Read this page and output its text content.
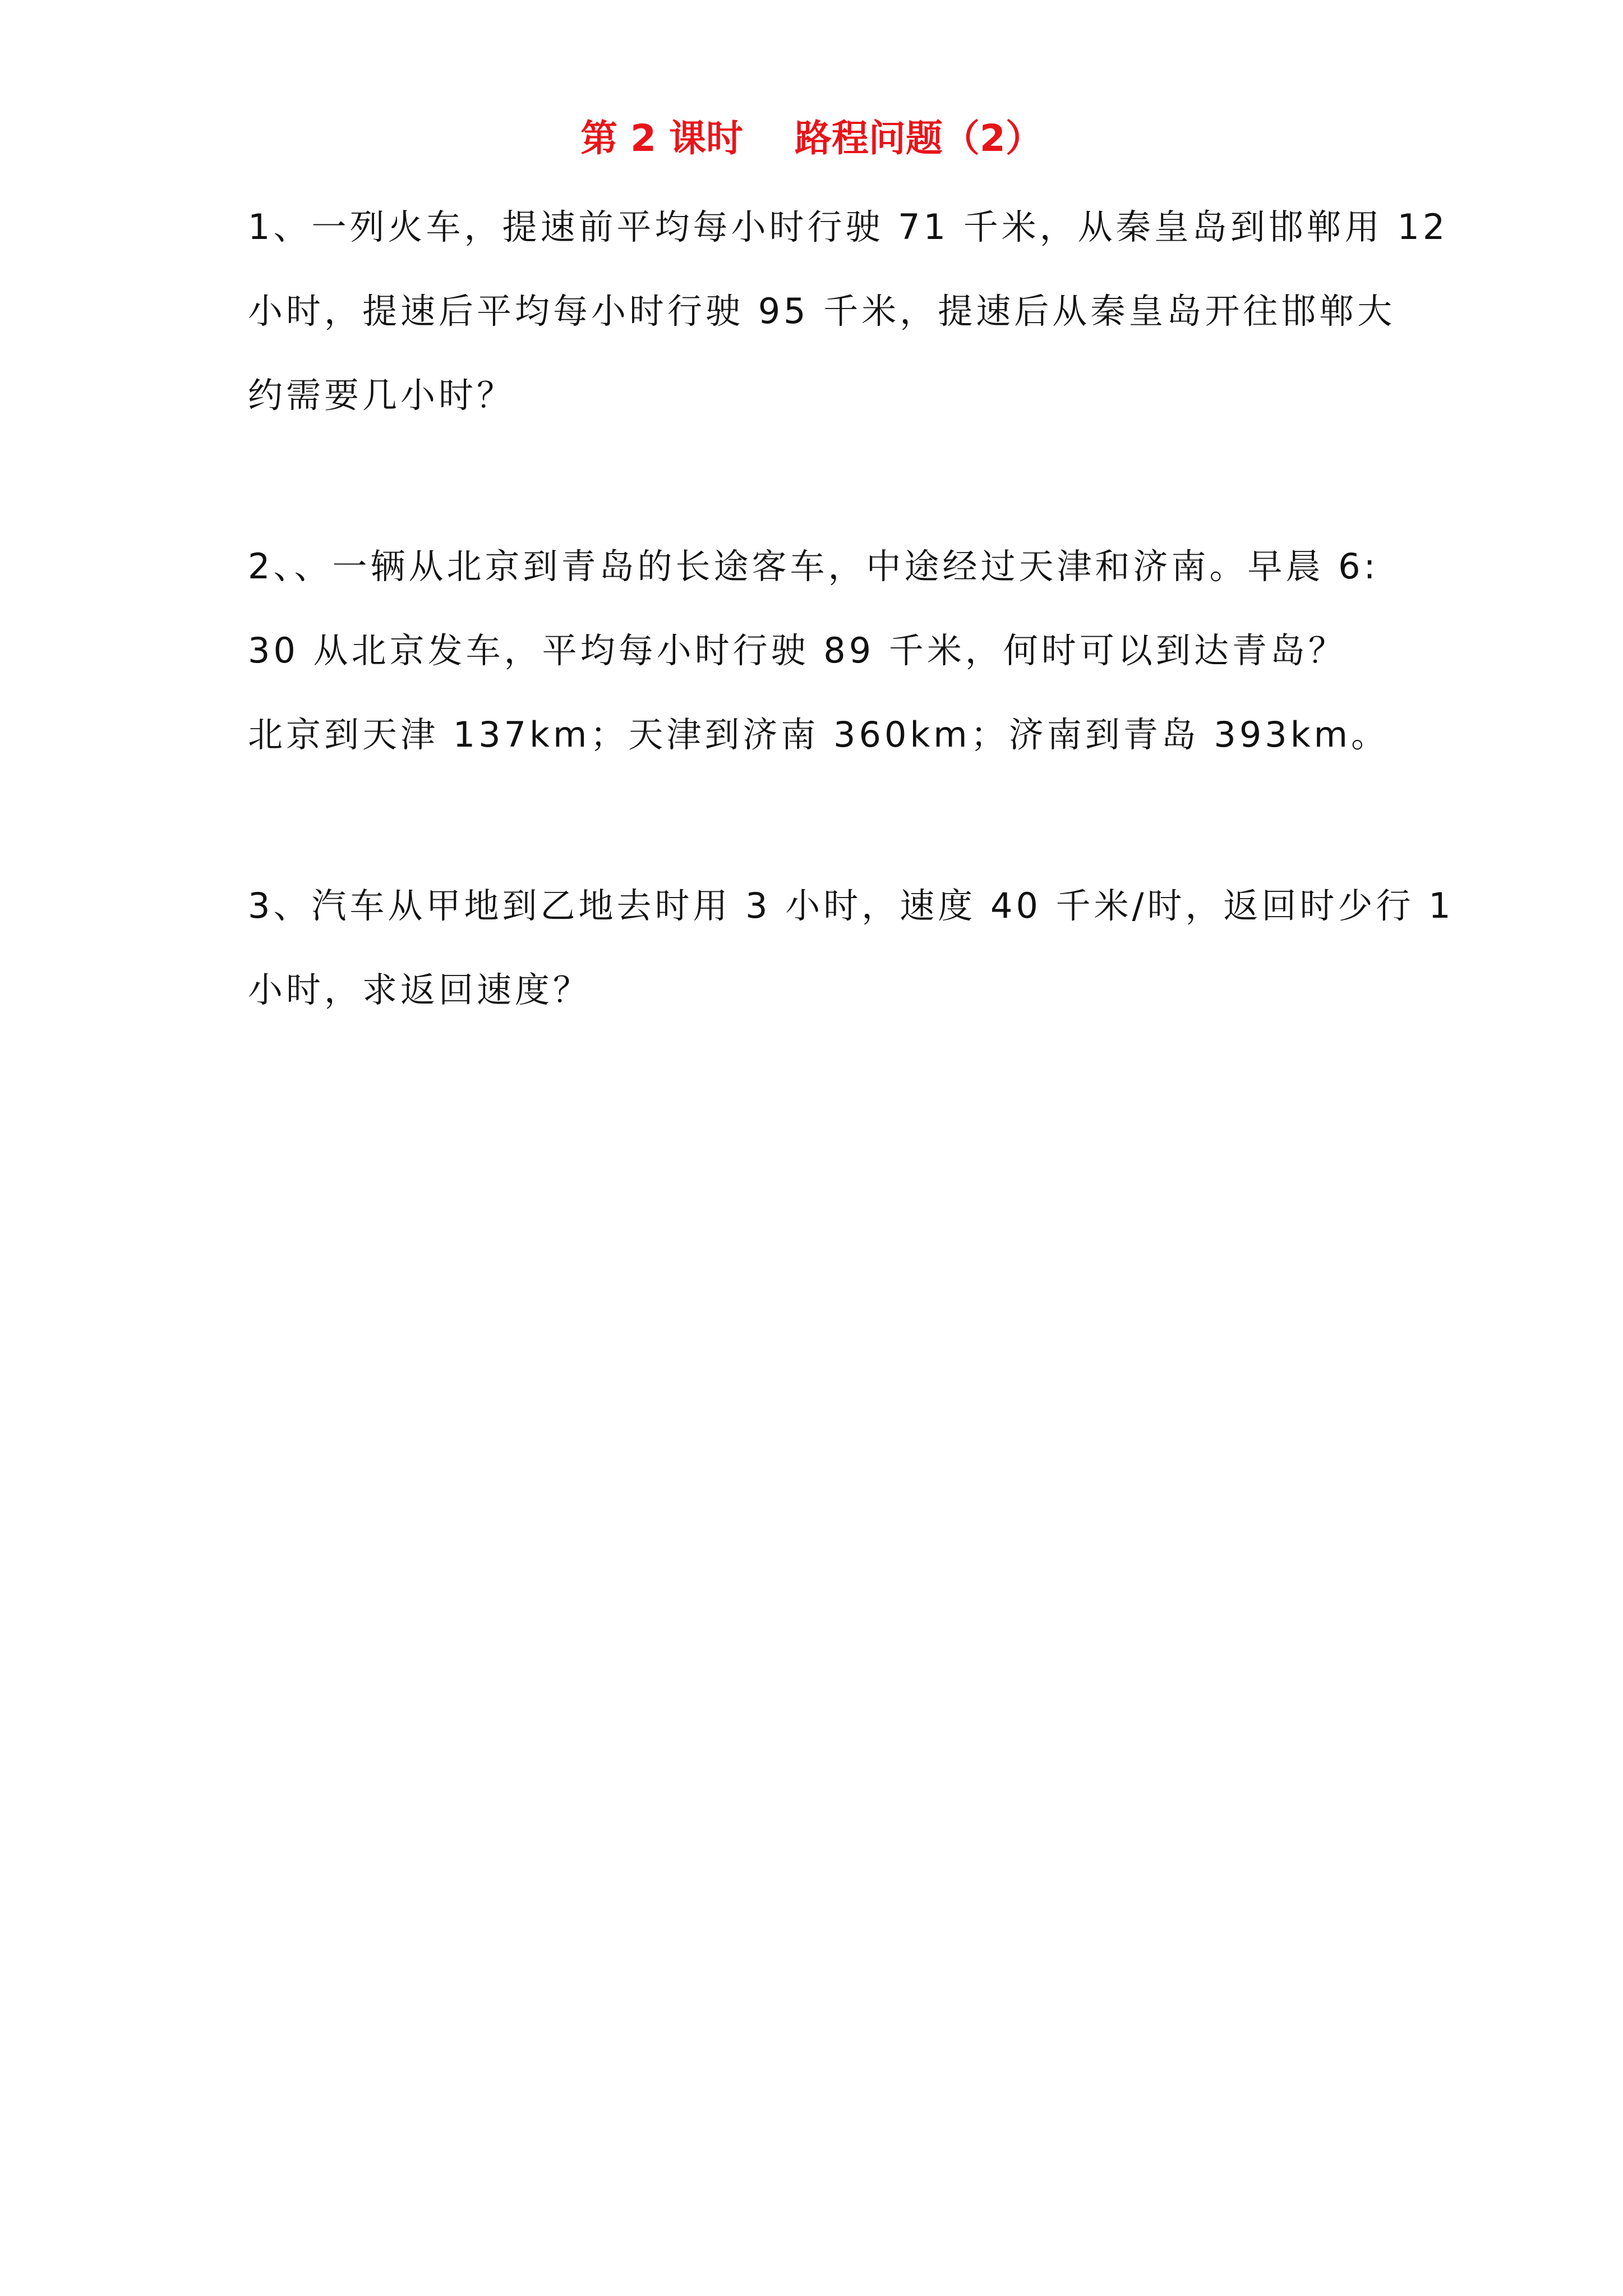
第 2 课时    路程问题（2）
1、一列火车，提速前平均每小时行驶 71 千米，从秦皇岛到邯郸用 12
小时，提速后平均每小时行驶 95 千米，提速后从秦皇岛开往邯郸大
约需要几小时？
2、、一辆从北京到青岛的长途客车，中途经过天津和济南。早晨 6:
30 从北京发车，平均每小时行驶 89 千米，何时可以到达青岛？
北京到天津 137km；天津到济南 360km；济南到青岛 393km。
3、汽车从甲地到乙地去时用 3 小时，速度 40 千米/时，返回时少行 1
小时，求返回速度？
